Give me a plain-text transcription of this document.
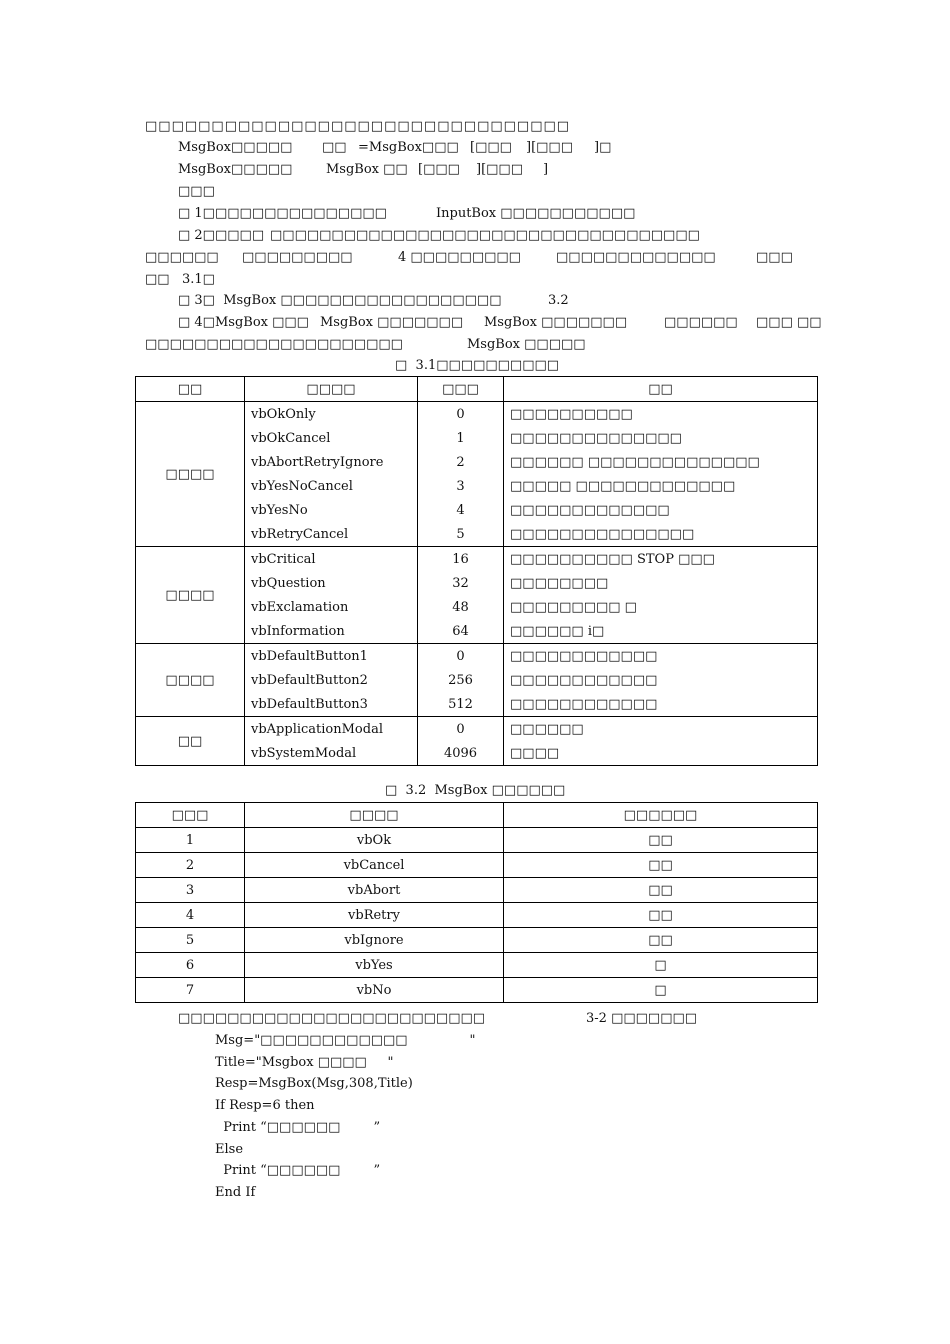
□□□□□□□□□□□□□□□□□□□□□□□□□□□□□□□□
MsgBox□□□□□ □□ =MsgBox□□□ [□□□ ][□□□ ]□
MsgBox□□□□□	MsgBox □□ [□□□ ][□□□ ]
□□□
□ 1□□□□□□□□□□□□□□□	InputBox □□□□□□□□□□□
□ 2□□□□□ □□□□□□□□□□□□□□□□□□□□□□□□□□□□□□□□□□□
□□□□□□ □□□□□□□□□	4 □□□□□□□□□	□□□□□□□□□□□□□	□□□
□□   3.1□
□ 3□  MsgBox □□□□□□□□□□□□□□□□□□	3.2
□ 4□MsgBox □□□ MsgBox □□□□□□□ MsgBox □□□□□□□	□□□□□□ □□□ □□
□□□□□□□□□□□□□□□□□□□□□	MsgBox □□□□□
□  3.1□□□□□□□□□□
□□	□□□□	□□□	□□
□□□□	vbOkOnly	0	□□□□□□□□□□
	vbOkCancel	1	□□□□□□□□□□□□□□
	vbAbortRetryIgnore	2	□□□□□□ □□□□□□□□□□□□□□
	vbYesNoCancel	3	□□□□□ □□□□□□□□□□□□□
	vbYesNo	4	□□□□□□□□□□□□□
	vbRetryCancel	5	□□□□□□□□□□□□□□□
□□□□	vbCritical	16	□□□□□□□□□□ STOP □□□
	vbQuestion	32	□□□□□□□□
	vbExclamation	48	□□□□□□□□□ □
	vbInformation	64	□□□□□□ i□
□□□□	vbDefaultButton1	0	□□□□□□□□□□□□
	vbDefaultButton2	256	□□□□□□□□□□□□
	vbDefaultButton3	512	□□□□□□□□□□□□
□□	vbApplicationModal	0	□□□□□□
	vbSystemModal	4096	□□□□
□  3.2  MsgBox □□□□□□
□□□	□□□□	□□□□□□
1	vbOk	□□
2	vbCancel	□□
3	vbAbort	□□
4	vbRetry	□□
5	vbIgnore	□□
6	vbYes	□
7	vbNo	□
□□□□□□□□□□□□□□□□□□□□□□□□□	3-2 □□□□□□□
Msg="□□□□□□□□□□□□               "
Title="Msgbox □□□□     "
Resp=MsgBox(Msg,308,Title)
If Resp=6 then
Print “□□□□□□        ”
Else
Print “□□□□□□        ”
End If
